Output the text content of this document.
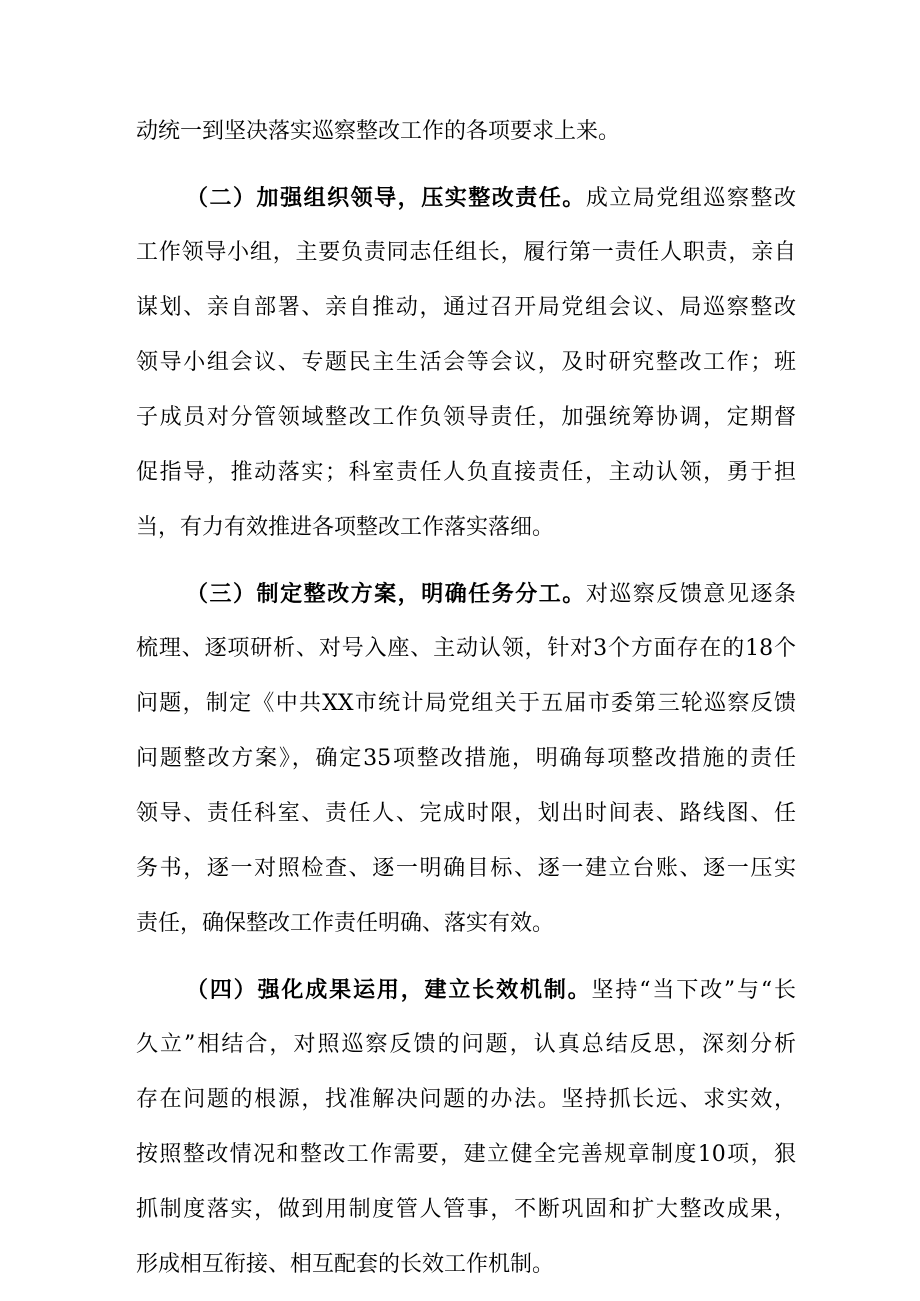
动统一到坚决落实巡察整改工作的各项要求上来。
（二）加强组织领导，压实整改责任。成立局党组巡察整改
工作领导小组，主要负责同志任组长，履行第一责任人职责，亲自
谋划、亲自部署、亲自推动，通过召开局党组会议、局巡察整改
领导小组会议、专题民主生活会等会议，及时研究整改工作；班
子成员对分管领域整改工作负领导责任，加强统筹协调，定期督
促指导，推动落实；科室责任人负直接责任，主动认领，勇于担
当，有力有效推进各项整改工作落实落细。
（三）制定整改方案，明确任务分工。对巡察反馈意见逐条
梳理、逐项研析、对号入座、主动认领，针对3个方面存在的18个
问题，制定《中共XX市统计局党组关于五届市委第三轮巡察反馈
问题整改方案》，确定35项整改措施，明确每项整改措施的责任
领导、责任科室、责任人、完成时限，划出时间表、路线图、任
务书，逐一对照检查、逐一明确目标、逐一建立台账、逐一压实
责任，确保整改工作责任明确、落实有效。
（四）强化成果运用，建立长效机制。坚持“当下改”与“长
久立”相结合，对照巡察反馈的问题，认真总结反思，深刻分析
存在问题的根源，找准解决问题的办法。坚持抓长远、求实效，
按照整改情况和整改工作需要，建立健全完善规章制度10项，狠
抓制度落实，做到用制度管人管事，不断巩固和扩大整改成果，
形成相互衔接、相互配套的长效工作机制。
